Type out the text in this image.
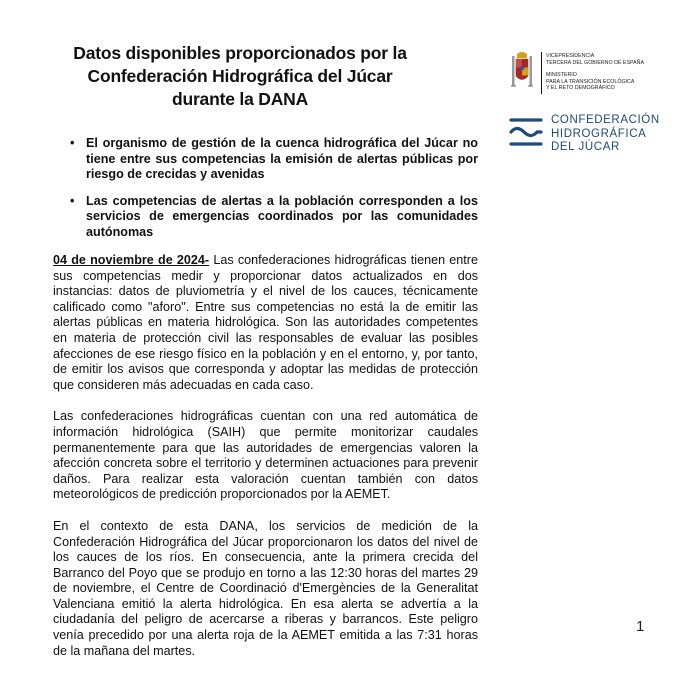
Datos disponibles proporcionados por la Confederación Hidrográfica del Júcar durante la DANA
VICEPRESIDENCIA
TERCERA DEL GOBIERNO DE ESPAÑA
MINISTERIO
PARA LA TRANSICIÓN ECOLÓGICA
Y EL RETO DEMOGRÁFICO
CONFEDERACIÓN
HIDROGRÁFICA
DEL JÚCAR
• El organismo de gestión de la cuenca hidrográfica del Júcar no tiene entre sus competencias la emisión de alertas públicas por riesgo de crecidas y avenidas
• Las competencias de alertas a la población corresponden a los servicios de emergencias coordinados por las comunidades autónomas

04 de noviembre de 2024- Las confederaciones hidrográficas tienen entre sus competencias medir y proporcionar datos actualizados en dos instancias: datos de pluviometría y el nivel de los cauces, técnicamente calificado como "aforo". Entre sus competencias no está la de emitir las alertas públicas en materia hidrológica. Son las autoridades competentes en materia de protección civil las responsables de evaluar las posibles afecciones de ese riesgo físico en la población y en el entorno, y, por tanto, de emitir los avisos que corresponda y adoptar las medidas de protección que consideren más adecuadas en cada caso.

Las confederaciones hidrográficas cuentan con una red automática de información hidrológica (SAIH) que permite monitorizar caudales permanentemente para que las autoridades de emergencias valoren la afección concreta sobre el territorio y determinen actuaciones para prevenir daños. Para realizar esta valoración cuentan también con datos meteorológicos de predicción proporcionados por la AEMET.

En el contexto de esta DANA, los servicios de medición de la Confederación Hidrográfica del Júcar proporcionaron los datos del nivel de los cauces de los ríos. En consecuencia, ante la primera crecida del Barranco del Poyo que se produjo en torno a las 12:30 horas del martes 29 de noviembre, el Centre de Coordinació d'Emergències de la Generalitat Valenciana emitió la alerta hidrológica. En esa alerta se advertía a la ciudadanía del peligro de acercarse a riberas y barrancos. Este peligro venía precedido por una alerta roja de la AEMET emitida a las 7:31 horas de la mañana del martes.

1
